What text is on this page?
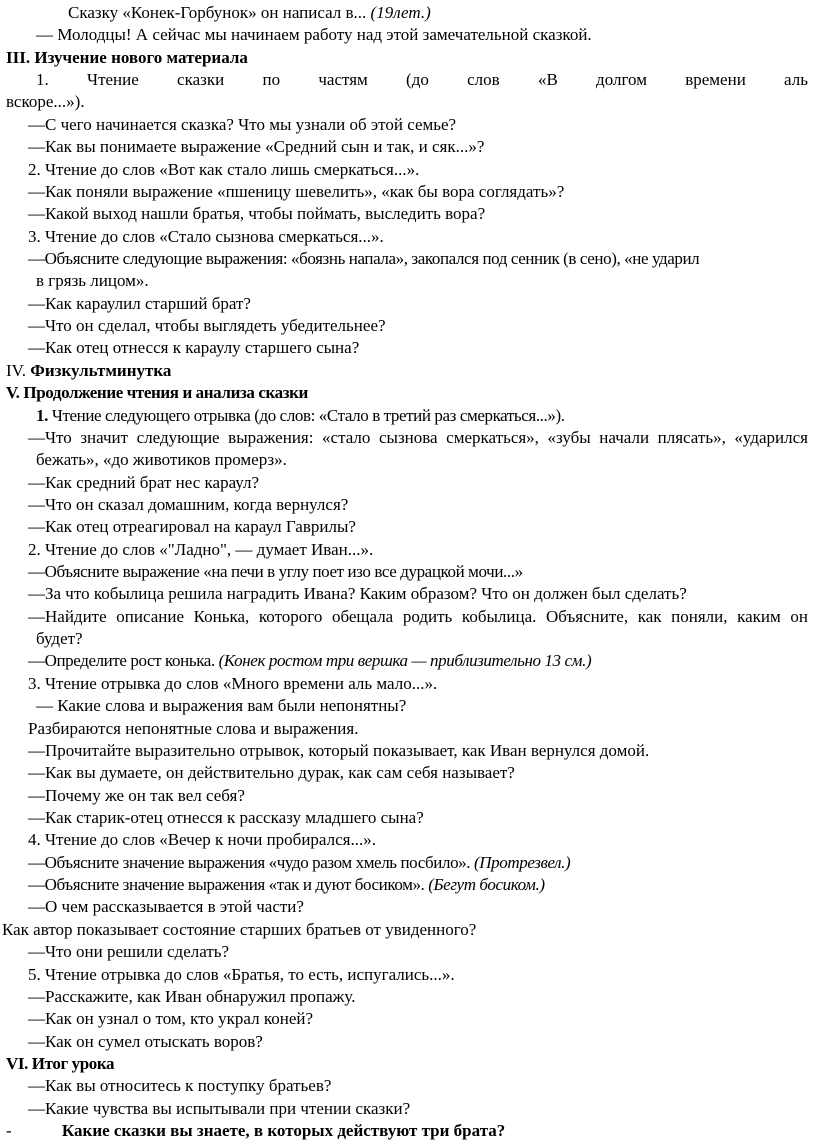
Сказку «Конек-Горбунок» он написал в... (19лет.)
— Молодцы! А сейчас мы начинаем работу над этой замечательной сказкой.
III. Изучение нового материала
1. Чтение сказки по частям (до слов «В долгом времени аль
вскоре...»).
—С чего начинается сказка? Что мы узнали об этой семье?
—Как вы понимаете выражение «Средний сын и так, и сяк...»?
2. Чтение до слов «Вот как стало лишь смеркаться...».
—Как поняли выражение «пшеницу шевелить», «как бы вора соглядать»?
—Какой выход нашли братья, чтобы поймать, выследить вора?
3. Чтение до слов «Стало сызнова смеркаться...».
—Объясните следующие выражения: «боязнь напала», закопался под сенник (в сено), «не ударил
в грязь лицом».
—Как караулил старший брат?
—Что он сделал, чтобы выглядеть убедительнее?
—Как отец отнесся к караулу старшего сына?
IV. Физкультминутка
V. Продолжение чтения и анализа сказки
1. Чтение следующего отрывка (до слов: «Стало в третий раз смеркаться...»).
—Что значит следующие выражения: «стало сызнова смеркаться», «зубы начали плясать», «ударился
бежать», «до животиков промерз».
—Как средний брат нес караул?
—Что он сказал домашним, когда вернулся?
—Как отец отреагировал на караул Гаврилы?
2. Чтение до слов «"Ладно", — думает Иван...».
—Объясните выражение «на печи в углу поет изо все дурацкой мочи...»
—За что кобылица решила наградить Ивана? Каким образом? Что он должен был сделать?
—Найдите описание Конька, которого обещала родить кобылица. Объясните, как поняли, каким он
будет?
—Определите рост конька. (Конек ростом три вершка — приблизительно 13 см.)
3. Чтение отрывка до слов «Много времени аль мало...».
— Какие слова и выражения вам были непонятны?
Разбираются непонятные слова и выражения.
—Прочитайте выразительно отрывок, который показывает, как Иван вернулся домой.
—Как вы думаете, он действительно дурак, как сам себя называет?
—Почему же он так вел себя?
—Как старик-отец отнесся к рассказу младшего сына?
4. Чтение до слов «Вечер к ночи пробирался...».
—Объясните значение выражения «чудо разом хмель посбило». (Протрезвел.)
—Объясните значение выражения «так и дуют босиком». (Бегут босиком.)
—О чем рассказывается в этой части?
Как автор показывает состояние старших братьев от увиденного?
—Что они решили сделать?
5. Чтение отрывка до слов «Братья, то есть, испугались...».
—Расскажите, как Иван обнаружил пропажу.
—Как он узнал о том, кто украл коней?
—Как он сумел отыскать воров?
VI. Итог урока
—Как вы относитесь к поступку братьев?
—Какие чувства вы испытывали при чтении сказки?
-	Какие сказки вы знаете, в которых действуют три брата?
